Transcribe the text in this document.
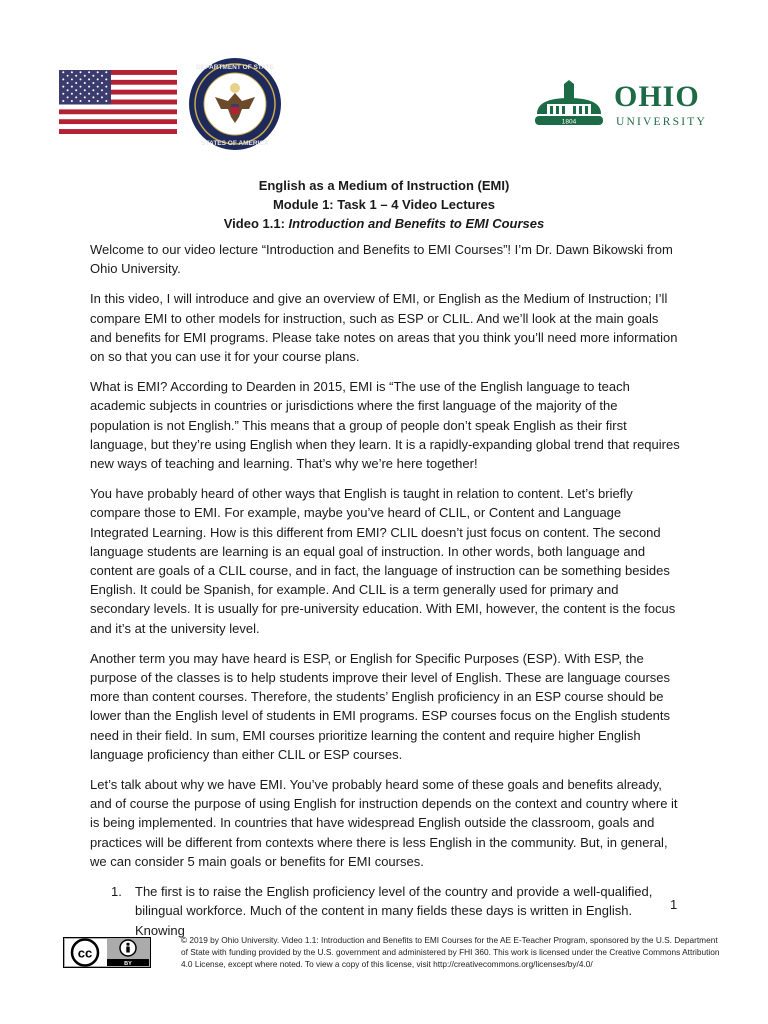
DEPARTMENT OF STATE
STATES OF AMERICA
1804
OHIO
UNIVERSITY
English as a Medium of Instruction (EMI)
Module 1: Task 1 – 4 Video Lectures
Video 1.1: Introduction and Benefits to EMI Courses

Welcome to our video lecture “Introduction and Benefits to EMI Courses”! I’m Dr. Dawn Bikowski from Ohio University.

In this video, I will introduce and give an overview of EMI, or English as the Medium of Instruction; I’ll compare EMI to other models for instruction, such as ESP or CLIL. And we’ll look at the main goals and benefits for EMI programs. Please take notes on areas that you think you’ll need more information on so that you can use it for your course plans.

What is EMI? According to Dearden in 2015, EMI is “The use of the English language to teach academic subjects in countries or jurisdictions where the first language of the majority of the population is not English.” This means that a group of people don’t speak English as their first language, but they’re using English when they learn. It is a rapidly-expanding global trend that requires new ways of teaching and learning. That’s why we’re here together!

You have probably heard of other ways that English is taught in relation to content. Let’s briefly compare those to EMI. For example, maybe you’ve heard of CLIL, or Content and Language Integrated Learning. How is this different from EMI? CLIL doesn’t just focus on content. The second language students are learning is an equal goal of instruction. In other words, both language and content are goals of a CLIL course, and in fact, the language of instruction can be something besides English. It could be Spanish, for example. And CLIL is a term generally used for primary and secondary levels. It is usually for pre-university education. With EMI, however, the content is the focus and it’s at the university level.

Another term you may have heard is ESP, or English for Specific Purposes (ESP). With ESP, the purpose of the classes is to help students improve their level of English. These are language courses more than content courses. Therefore, the students’ English proficiency in an ESP course should be lower than the English level of students in EMI programs. ESP courses focus on the English students need in their field. In sum, EMI courses prioritize learning the content and require higher English language proficiency than either CLIL or ESP courses.

Let’s talk about why we have EMI. You’ve probably heard some of these goals and benefits already, and of course the purpose of using English for instruction depends on the context and country where it is being implemented. In countries that have widespread English outside the classroom, goals and practices will be different from contexts where there is less English in the community. But, in general, we can consider 5 main goals or benefits for EMI courses.

1. The first is to raise the English proficiency level of the country and provide a well-qualified, bilingual workforce. Much of the content in many fields these days is written in English. Knowing
1
cc
BY
© 2019 by Ohio University. Video 1.1: Introduction and Benefits to EMI Courses for the AE E-Teacher Program, sponsored by the U.S. Department of State with funding provided by the U.S. government and administered by FHI 360. This work is licensed under the Creative Commons Attribution 4.0 License, except where noted. To view a copy of this license, visit http://creativecommons.org/licenses/by/4.0/
